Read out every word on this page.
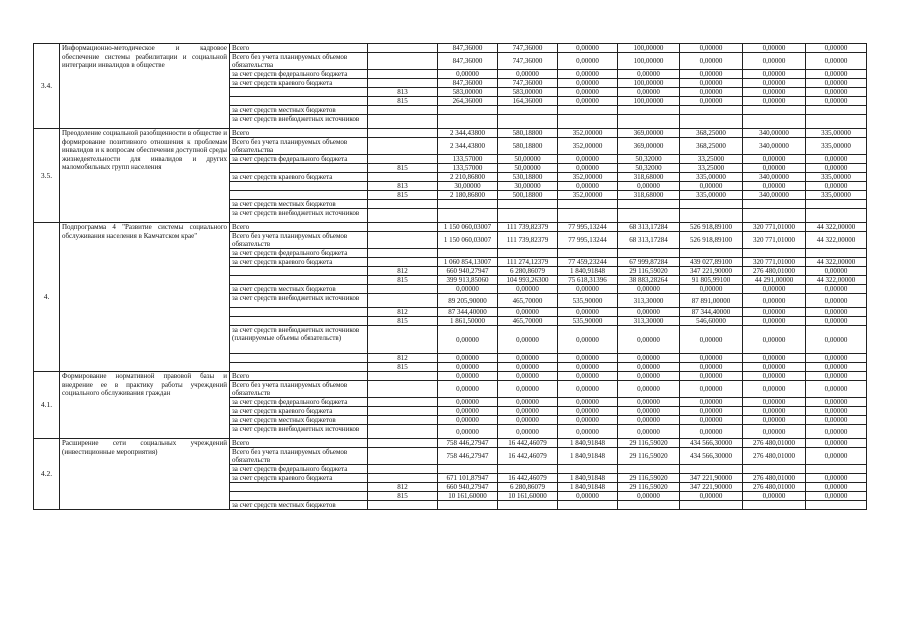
3.4.	Информационно-методическое и кадровое обеспечение системы реабилитации и социальной интеграции инвалидов в обществе	Всего		847,36000	747,36000	0,00000	100,00000	0,00000	0,00000	0,00000
		Всего без учета планируемых объемов обязательства		847,36000	747,36000	0,00000	100,00000	0,00000	0,00000	0,00000
		за счет средств федерального бюджета		0,00000	0,00000	0,00000	0,00000	0,00000	0,00000	0,00000
		за счет средств краевого бюджета		847,36000	747,36000	0,00000	100,00000	0,00000	0,00000	0,00000
			813	583,00000	583,00000	0,00000	0,00000	0,00000	0,00000	0,00000
			815	264,36000	164,36000	0,00000	100,00000	0,00000	0,00000	0,00000
		за счет средств местных бюджетов								
		за счет средств внебюджетных источников								
3.5.	Преодоление социальной разобщенности в обществе и формирование позитивного отношения к проблемам инвалидов и к вопросам обеспечения доступной среды жизнедеятельности для инвалидов и других маломобильных групп населения	Всего		2 344,43800	580,18800	352,00000	369,00000	368,25000	340,00000	335,00000
		Всего без учета планируемых объемов обязательства		2 344,43800	580,18800	352,00000	369,00000	368,25000	340,00000	335,00000
		за счет средств федерального бюджета		133,57000	50,00000	0,00000	50,32000	33,25000	0,00000	0,00000
			815	133,57000	50,00000	0,00000	50,32000	33,25000	0,00000	0,00000
		за счет средств краевого бюджета		2 210,86800	530,18800	352,00000	318,68000	335,00000	340,00000	335,00000
			813	30,00000	30,00000	0,00000	0,00000	0,00000	0,00000	0,00000
			815	2 180,86800	500,18800	352,00000	318,68000	335,00000	340,00000	335,00000
		за счет средств местных бюджетов								
		за счет средств внебюджетных источников								
4.	Подпрограмма 4 "Развитие системы социального обслуживания населения в Камчатском крае"	Всего		1 150 060,03007	111 739,82379	77 995,13244	68 313,17284	526 918,89100	320 771,01000	44 322,00000
		Всего без учета планируемых объемов обязательств		1 150 060,03007	111 739,82379	77 995,13244	68 313,17284	526 918,89100	320 771,01000	44 322,00000
		за счет средств федерального бюджета								
		за счет средств краевого бюджета		1 060 854,13007	111 274,12379	77 459,23244	67 999,87284	439 027,89100	320 771,01000	44 322,00000
			812	660 940,27947	6 280,86079	1 840,91848	29 116,59020	347 221,90000	276 480,01000	0,00000
			815	399 913,85060	104 993,26300	75 618,31396	38 883,28264	91 805,99100	44 291,00000	44 322,00000
		за счет средств местных бюджетов		0,00000	0,00000	0,00000	0,00000	0,00000	0,00000	0,00000
		за счет средств внебюджетных источников		89 205,90000	465,70000	535,90000	313,30000	87 891,00000	0,00000	0,00000
			812	87 344,40000	0,00000	0,00000	0,00000	87 344,40000	0,00000	0,00000
			815	1 861,50000	465,70000	535,90000	313,30000	546,60000	0,00000	0,00000
		за счет средств внебюджетных источников (планируемые объемы обязательств)		0,00000	0,00000	0,00000	0,00000	0,00000	0,00000	0,00000
			812	0,00000	0,00000	0,00000	0,00000	0,00000	0,00000	0,00000
			815	0,00000	0,00000	0,00000	0,00000	0,00000	0,00000	0,00000
4.1.	Формирование нормативной правовой базы и внедрение ее в практику работы учреждений социального обслуживания граждан	Всего		0,00000	0,00000	0,00000	0,00000	0,00000	0,00000	0,00000
		Всего без учета планируемых объемов обязательств		0,00000	0,00000	0,00000	0,00000	0,00000	0,00000	0,00000
		за счет средств федерального бюджета		0,00000	0,00000	0,00000	0,00000	0,00000	0,00000	0,00000
		за счет средств краевого бюджета		0,00000	0,00000	0,00000	0,00000	0,00000	0,00000	0,00000
		за счет средств местных бюджетов		0,00000	0,00000	0,00000	0,00000	0,00000	0,00000	0,00000
		за счет средств внебюджетных источников		0,00000	0,00000	0,00000	0,00000	0,00000	0,00000	0,00000
4.2.	Расширение сети социальных учреждений (инвестиционные мероприятия)	Всего		758 446,27947	16 442,46079	1 840,91848	29 116,59020	434 566,30000	276 480,01000	0,00000
		Всего без учета планируемых объемов обязательств		758 446,27947	16 442,46079	1 840,91848	29 116,59020	434 566,30000	276 480,01000	0,00000
		за счет средств федерального бюджета								
		за счет средств краевого бюджета		671 101,87947	16 442,46079	1 840,91848	29 116,59020	347 221,90000	276 480,01000	0,00000
			812	660 940,27947	6 280,86079	1 840,91848	29 116,59020	347 221,90000	276 480,01000	0,00000
			815	10 161,60000	10 161,60000	0,00000	0,00000	0,00000	0,00000	0,00000
		за счет средств местных бюджетов								
